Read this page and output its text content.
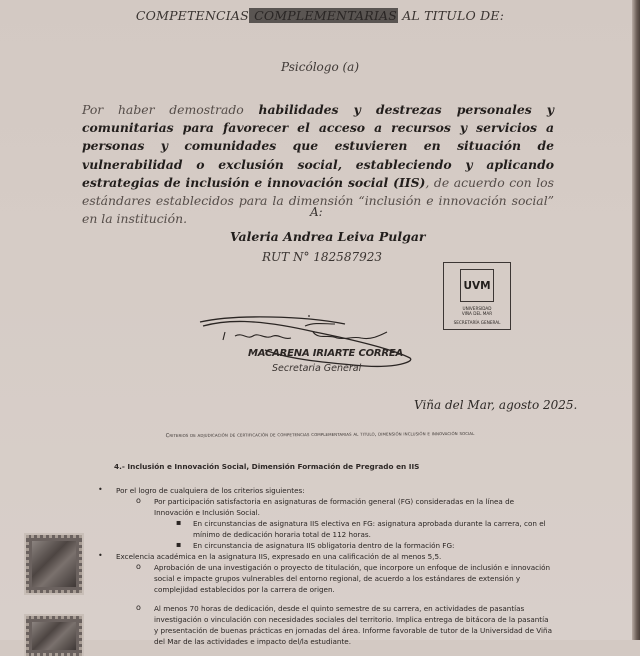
COMPETENCIAS COMPLEMENTARIAS AL TITULO DE:
Psicólogo (a)
Por haber demostrado habilidades y destrezas personales y comunitarias para favorecer el acceso a recursos y servicios a personas y comunidades que estuvieren en situación de vulnerabilidad o exclusión social, estableciendo y aplicando estrategias de inclusión e innovación social (IIS), de acuerdo con los estándares establecidos para la dimensión “inclusión e innovación social” en la institución.	A:
Valeria Andrea Leiva Pulgar
RUT N° 182587923
UVM
UNIVERSIDAD
VIÑA DEL MAR
SECRETARÍA GENERAL
MACARENA IRIARTE CORREA
Secretaria General
Viña del Mar, agosto 2025.
Criterios de adjudicación de certificación de competencias complementarias al titulo, dimensión inclusión e innovación social
4.- Inclusión e Innovación Social, Dimensión Formación de Pregrado en IIS
• Por el logro de cualquiera de los criterios siguientes:
o Por participación satisfactoria en asignaturas de formación general (FG) consideradas en la línea de Innovación e Inclusión Social.
▪ En circunstancias de asignatura IIS electiva en FG: asignatura aprobada durante la carrera, con el mínimo de dedicación horaria total de 112 horas.
▪ En circunstancia de asignatura IIS obligatoria dentro de la formación FG:
• Excelencia académica en la asignatura IIS, expresado en una calificación de al menos 5,5.
o Aprobación de una investigación o proyecto de titulación, que incorpore un enfoque de inclusión e innovación social e impacte grupos vulnerables del entorno regional, de acuerdo a los estándares de extensión y complejidad establecidos por la carrera de origen.
o Al menos 70 horas de dedicación, desde el quinto semestre de su carrera, en actividades de pasantías investigación o vinculación con necesidades sociales del territorio. Implica entrega de bitácora de la pasantía y presentación de buenas prácticas en jornadas del área. Informe favorable de tutor de la Universidad de Viña del Mar de las actividades e impacto del/la estudiante.
